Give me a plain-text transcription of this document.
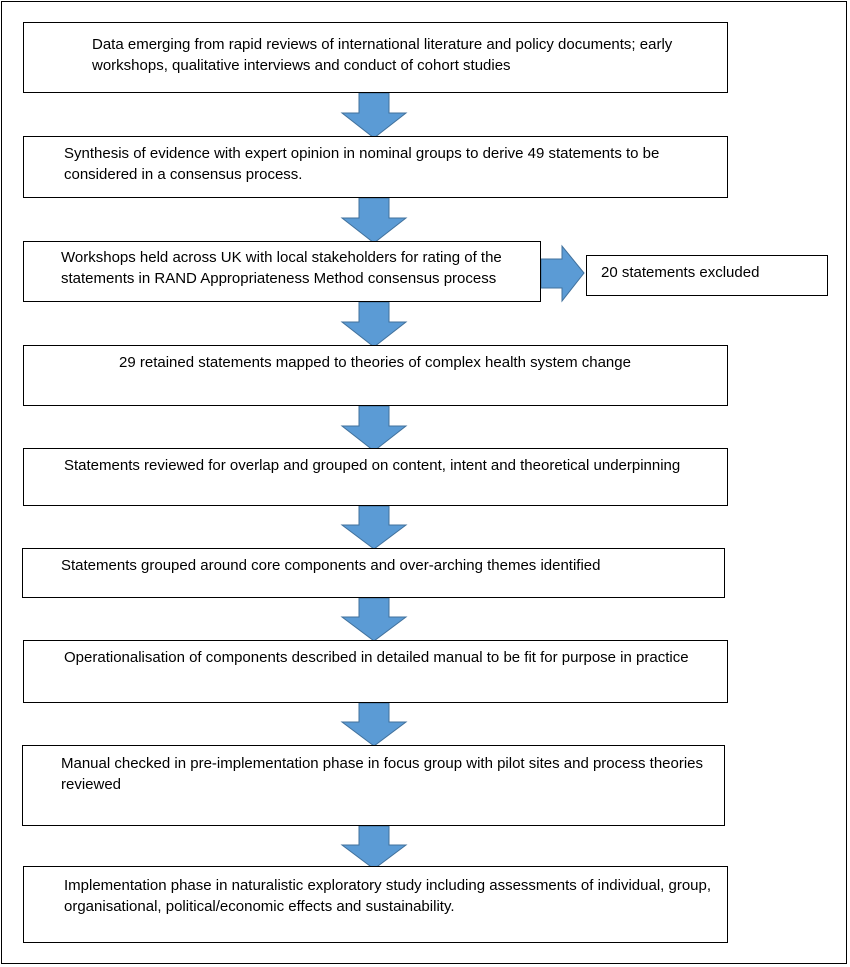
Data emerging from rapid reviews of international literature and policy documents; early workshops, qualitative interviews and conduct of cohort studies
Synthesis of evidence with expert opinion in nominal groups to derive 49 statements to be considered in a consensus process.
Workshops held across UK with local stakeholders for rating of the statements in RAND Appropriateness Method consensus process	20 statements excluded
29 retained statements mapped to theories of complex health system change
Statements reviewed for overlap and grouped on content, intent and theoretical underpinning
Statements grouped around core components and over-arching themes identified
Operationalisation of components described in detailed manual to be fit for purpose in practice
Manual checked in pre-implementation phase in focus group with pilot sites and process theories reviewed
Implementation phase in naturalistic exploratory study including assessments of individual, group, organisational, political/economic effects and sustainability.
